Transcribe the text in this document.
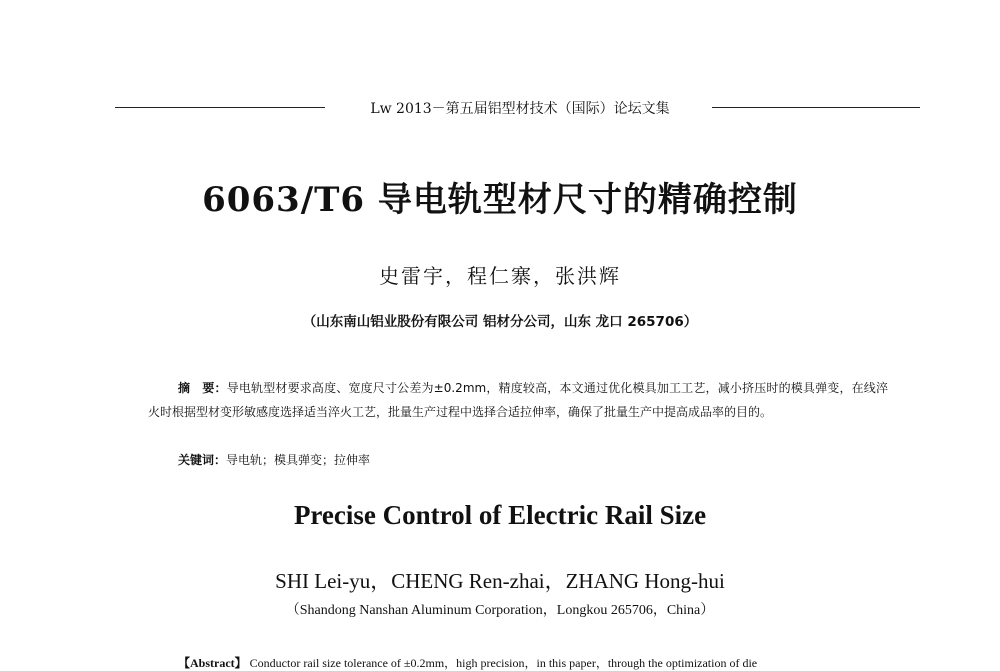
Lw 2013－第五届铝型材技术（国际）论坛文集
6063/T6 导电轨型材尺寸的精确控制
史雷宇，程仁寨，张洪辉
（山东南山铝业股份有限公司 铝材分公司，山东 龙口 265706）
摘　要：导电轨型材要求高度、宽度尺寸公差为±0.2mm，精度较高，本文通过优化模具加工工艺，减小挤压时的模具弹变，在线淬火时根据型材变形敏感度选择适当淬火工艺，批量生产过程中选择合适拉伸率，确保了批量生产中提高成品率的目的。
关键词：导电轨；模具弹变；拉伸率
Precise Control of Electric Rail Size
SHI Lei-yu，CHENG Ren-zhai，ZHANG Hong-hui
（Shandong Nanshan Aluminum Corporation，Longkou 265706，China）
【Abstract】 Conductor rail size tolerance of ±0.2mm，high precision，in this paper，through the optimization of die
